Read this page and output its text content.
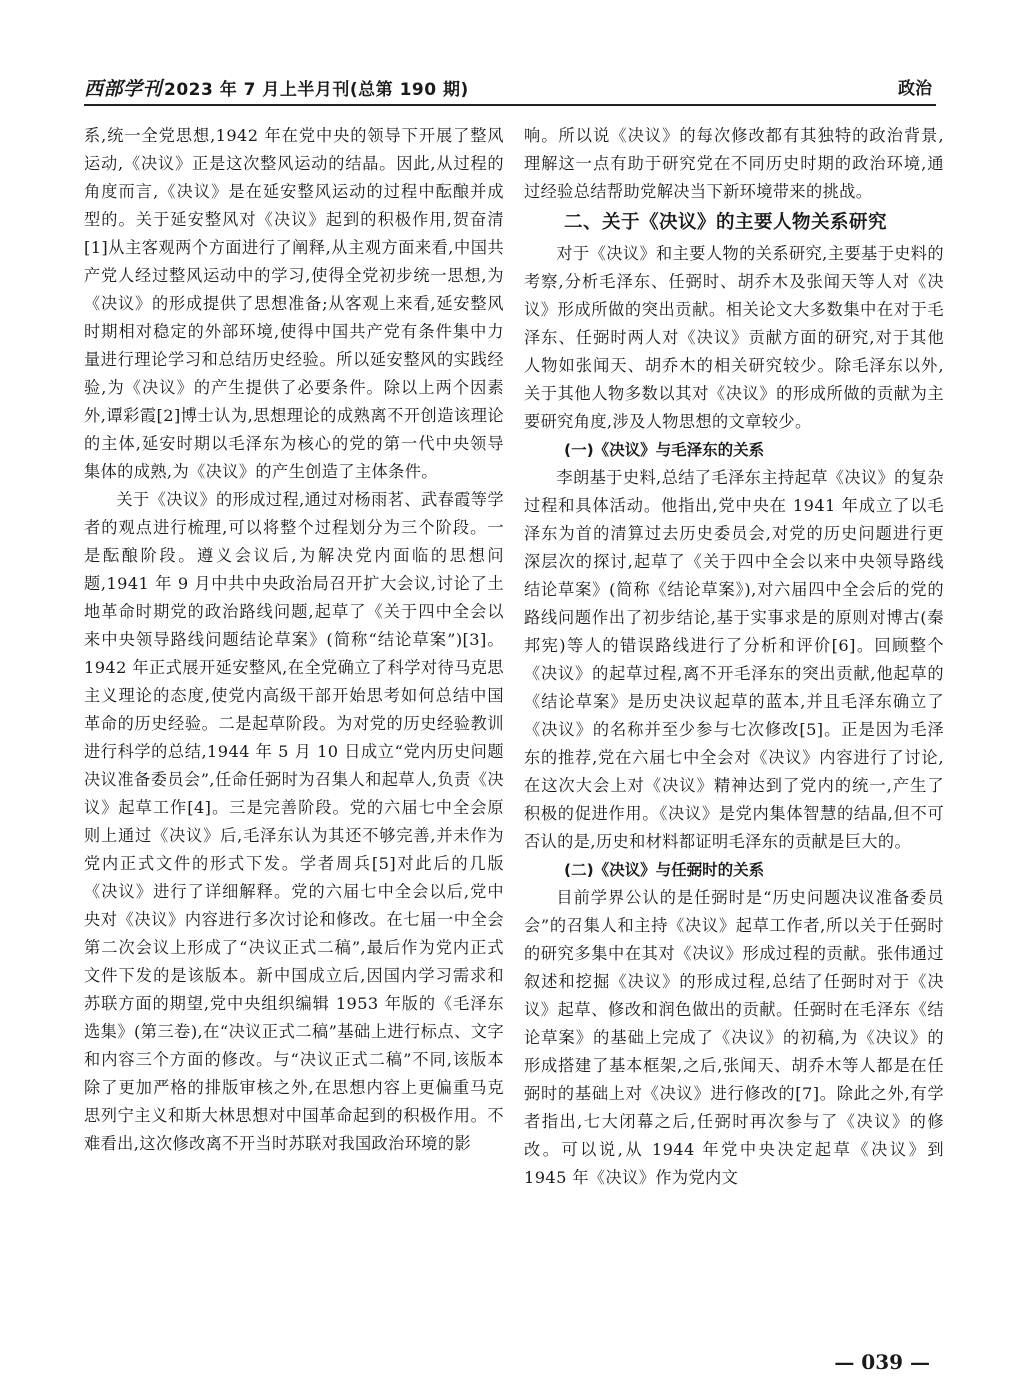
西部学刊 2023 年 7 月上半月刊(总第 190 期)	政治

系,统一全党思想,1942 年在党中央的领导下开展了整风运动,《决议》正是这次整风运动的结晶。因此,从过程的角度而言,《决议》是在延安整风运动的过程中酝酿并成型的。关于延安整风对《决议》起到的积极作用,贺奋清[1]从主客观两个方面进行了阐释,从主观方面来看,中国共产党人经过整风运动中的学习,使得全党初步统一思想,为《决议》的形成提供了思想准备;从客观上来看,延安整风时期相对稳定的外部环境,使得中国共产党有条件集中力量进行理论学习和总结历史经验。所以延安整风的实践经验,为《决议》的产生提供了必要条件。除以上两个因素外,谭彩霞[2]博士认为,思想理论的成熟离不开创造该理论的主体,延安时期以毛泽东为核心的党的第一代中央领导集体的成熟,为《决议》的产生创造了主体条件。

关于《决议》的形成过程,通过对杨雨茗、武春霞等学者的观点进行梳理,可以将整个过程划分为三个阶段。一是酝酿阶段。遵义会议后,为解决党内面临的思想问题,1941 年 9 月中共中央政治局召开扩大会议,讨论了土地革命时期党的政治路线问题,起草了《关于四中全会以来中央领导路线问题结论草案》(简称“结论草案”)[3]。1942 年正式展开延安整风,在全党确立了科学对待马克思主义理论的态度,使党内高级干部开始思考如何总结中国革命的历史经验。二是起草阶段。为对党的历史经验教训进行科学的总结,1944 年 5 月 10 日成立“党内历史问题决议准备委员会”,任命任弼时为召集人和起草人,负责《决议》起草工作[4]。三是完善阶段。党的六届七中全会原则上通过《决议》后,毛泽东认为其还不够完善,并未作为党内正式文件的形式下发。学者周兵[5]对此后的几版《决议》进行了详细解释。党的六届七中全会以后,党中央对《决议》内容进行多次讨论和修改。在七届一中全会第二次会议上形成了“决议正式二稿”,最后作为党内正式文件下发的是该版本。新中国成立后,因国内学习需求和苏联方面的期望,党中央组织编辑 1953 年版的《毛泽东选集》(第三卷),在“决议正式二稿”基础上进行标点、文字和内容三个方面的修改。与“决议正式二稿”不同,该版本除了更加严格的排版审核之外,在思想内容上更偏重马克思列宁主义和斯大林思想对中国革命起到的积极作用。不难看出,这次修改离不开当时苏联对我国政治环境的影

响。所以说《决议》的每次修改都有其独特的政治背景,理解这一点有助于研究党在不同历史时期的政治环境,通过经验总结帮助党解决当下新环境带来的挑战。

二、关于《决议》的主要人物关系研究

对于《决议》和主要人物的关系研究,主要基于史料的考察,分析毛泽东、任弼时、胡乔木及张闻天等人对《决议》形成所做的突出贡献。相关论文大多数集中在对于毛泽东、任弼时两人对《决议》贡献方面的研究,对于其他人物如张闻天、胡乔木的相关研究较少。除毛泽东以外,关于其他人物多数以其对《决议》的形成所做的贡献为主要研究角度,涉及人物思想的文章较少。

(一)《决议》与毛泽东的关系

李朗基于史料,总结了毛泽东主持起草《决议》的复杂过程和具体活动。他指出,党中央在 1941 年成立了以毛泽东为首的清算过去历史委员会,对党的历史问题进行更深层次的探讨,起草了《关于四中全会以来中央领导路线结论草案》(简称《结论草案》),对六届四中全会后的党的路线问题作出了初步结论,基于实事求是的原则对博古(秦邦宪)等人的错误路线进行了分析和评价[6]。回顾整个《决议》的起草过程,离不开毛泽东的突出贡献,他起草的《结论草案》是历史决议起草的蓝本,并且毛泽东确立了《决议》的名称并至少参与七次修改[5]。正是因为毛泽东的推荐,党在六届七中全会对《决议》内容进行了讨论,在这次大会上对《决议》精神达到了党内的统一,产生了积极的促进作用。《决议》是党内集体智慧的结晶,但不可否认的是,历史和材料都证明毛泽东的贡献是巨大的。

(二)《决议》与任弼时的关系

目前学界公认的是任弼时是“历史问题决议准备委员会”的召集人和主持《决议》起草工作者,所以关于任弼时的研究多集中在其对《决议》形成过程的贡献。张伟通过叙述和挖掘《决议》的形成过程,总结了任弼时对于《决议》起草、修改和润色做出的贡献。任弼时在毛泽东《结论草案》的基础上完成了《决议》的初稿,为《决议》的形成搭建了基本框架,之后,张闻天、胡乔木等人都是在任弼时的基础上对《决议》进行修改的[7]。除此之外,有学者指出,七大闭幕之后,任弼时再次参与了《决议》的修改。可以说,从 1944 年党中央决定起草《决议》到 1945 年《决议》作为党内文

— 039 —
